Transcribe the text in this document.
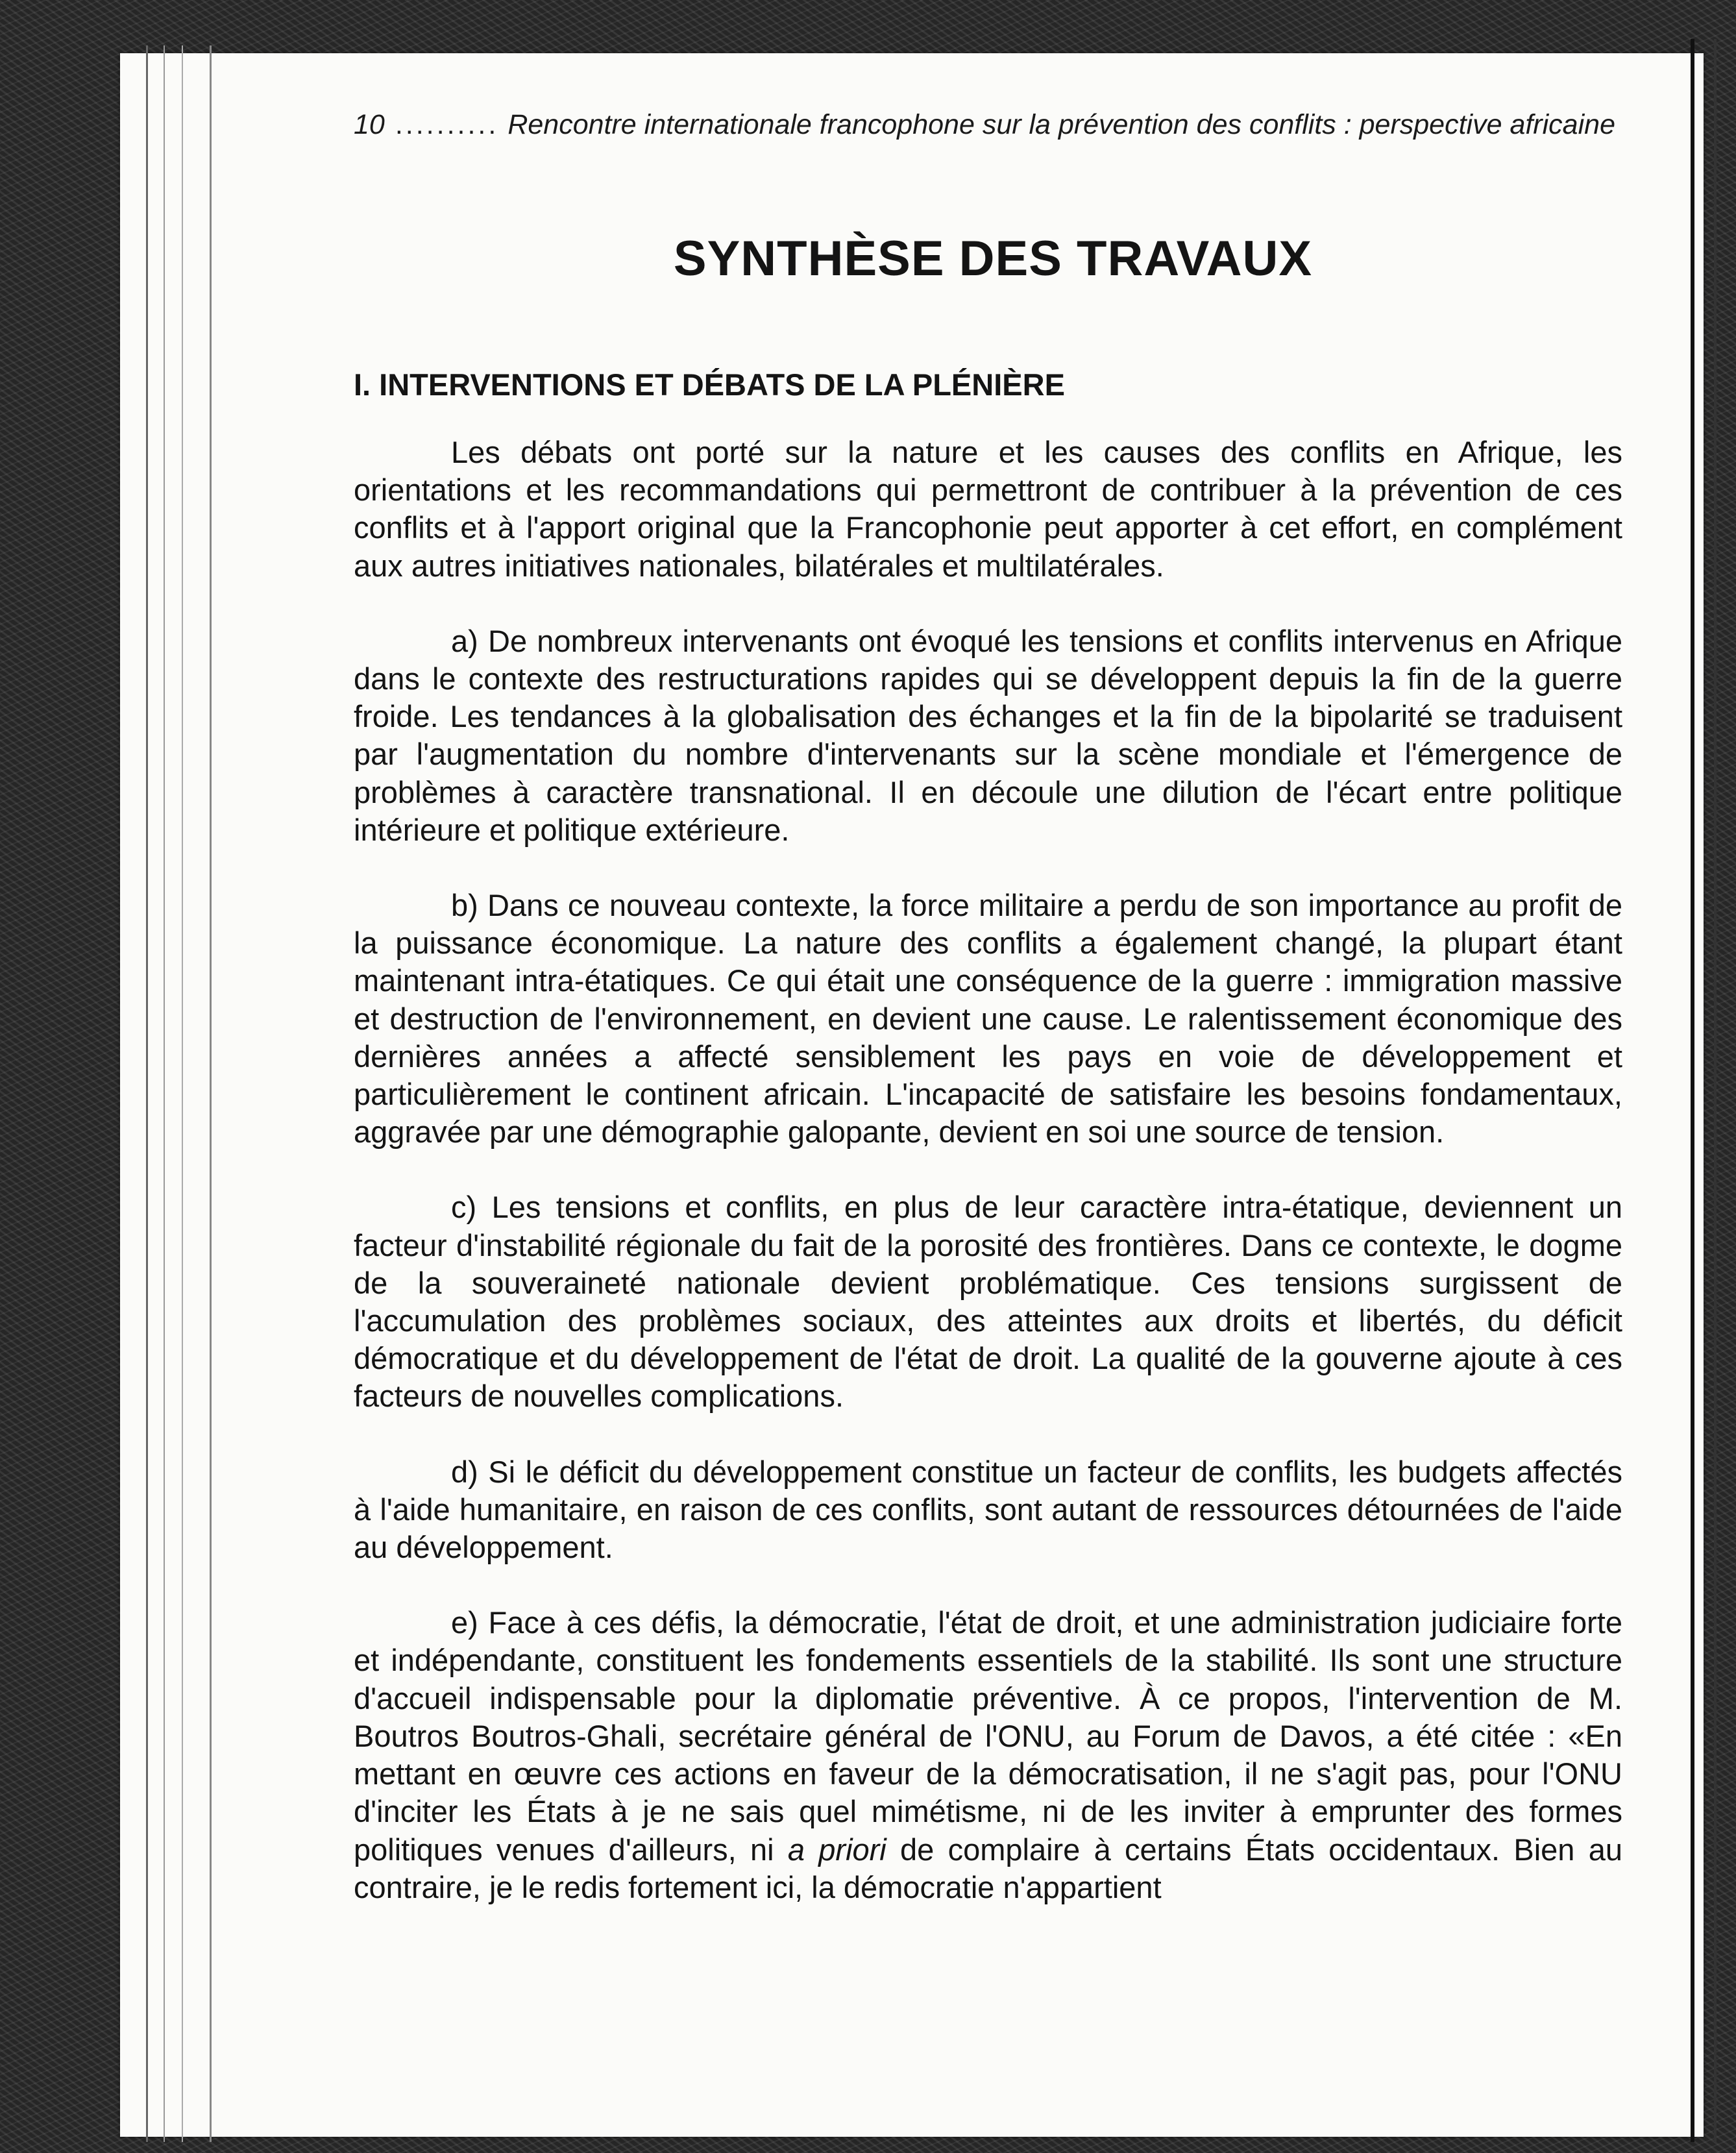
10 .......... Rencontre internationale francophone sur la prévention des conflits : perspective africaine
SYNTHÈSE DES TRAVAUX
I. INTERVENTIONS ET DÉBATS DE LA PLÉNIÈRE

Les débats ont porté sur la nature et les causes des conflits en Afrique, les orientations et les recommandations qui permettront de contribuer à la prévention de ces conflits et à l'apport original que la Francophonie peut apporter à cet effort, en complément aux autres initiatives nationales, bilatérales et multilatérales.

a) De nombreux intervenants ont évoqué les tensions et conflits intervenus en Afrique dans le contexte des restructurations rapides qui se développent depuis la fin de la guerre froide. Les tendances à la globalisation des échanges et la fin de la bipolarité se traduisent par l'augmentation du nombre d'intervenants sur la scène mondiale et l'émergence de problèmes à caractère transnational. Il en découle une dilution de l'écart entre politique intérieure et politique extérieure.

b) Dans ce nouveau contexte, la force militaire a perdu de son importance au profit de la puissance économique. La nature des conflits a également changé, la plupart étant maintenant intra-étatiques. Ce qui était une conséquence de la guerre : immigration massive et destruction de l'environnement, en devient une cause. Le ralentissement économique des dernières années a affecté sensiblement les pays en voie de développement et particulièrement le continent africain. L'incapacité de satisfaire les besoins fondamentaux, aggravée par une démographie galopante, devient en soi une source de tension.

c) Les tensions et conflits, en plus de leur caractère intra-étatique, deviennent un facteur d'instabilité régionale du fait de la porosité des frontières. Dans ce contexte, le dogme de la souveraineté nationale devient problématique. Ces tensions surgissent de l'accumulation des problèmes sociaux, des atteintes aux droits et libertés, du déficit démocratique et du développement de l'état de droit. La qualité de la gouverne ajoute à ces facteurs de nouvelles complications.

d) Si le déficit du développement constitue un facteur de conflits, les budgets affectés à l'aide humanitaire, en raison de ces conflits, sont autant de ressources détournées de l'aide au développement.

e) Face à ces défis, la démocratie, l'état de droit, et une administration judiciaire forte et indépendante, constituent les fondements essentiels de la stabilité. Ils sont une structure d'accueil indispensable pour la diplomatie préventive. À ce propos, l'intervention de M. Boutros Boutros-Ghali, secrétaire général de l'ONU, au Forum de Davos, a été citée : «En mettant en œuvre ces actions en faveur de la démocratisation, il ne s'agit pas, pour l'ONU d'inciter les États à je ne sais quel mimétisme, ni de les inviter à emprunter des formes politiques venues d'ailleurs, ni a priori de complaire à certains États occidentaux. Bien au contraire, je le redis fortement ici, la démocratie n'appartient
